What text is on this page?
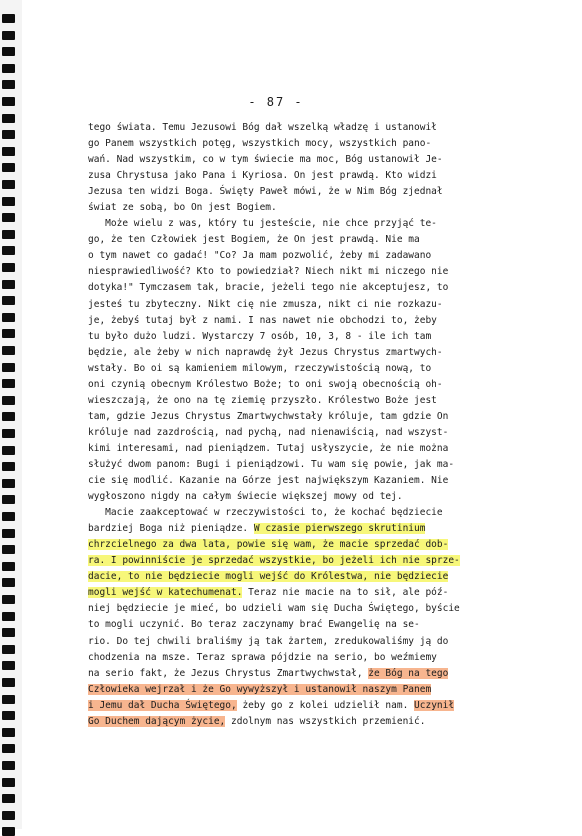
- 87 -
tego świata. Temu Jezusowi Bóg dał wszelką władzę i ustanowił
go Panem wszystkich potęg, wszystkich mocy, wszystkich pano-
wań. Nad wszystkim, co w tym świecie ma moc, Bóg ustanowił Je-
zusa Chrystusa jako Pana i Kyriosa. On jest prawdą. Kto widzi
Jezusa ten widzi Boga. Święty Paweł mówi, że w Nim Bóg zjednał
świat ze sobą, bo On jest Bogiem.
Może wielu z was, który tu jesteście, nie chce przyjąć te-
go, że ten Człowiek jest Bogiem, że On jest prawdą. Nie ma
o tym nawet co gadać! "Co? Ja mam pozwolić, żeby mi zadawano
niesprawiedliwość? Kto to powiedział? Niech nikt mi niczego nie
dotyka!" Tymczasem tak, bracie, jeżeli tego nie akceptujesz, to
jesteś tu zbyteczny. Nikt cię nie zmusza, nikt ci nie rozkazu-
je, żebyś tutaj był z nami. I nas nawet nie obchodzi to, żeby
tu było dużo ludzi. Wystarczy 7 osób, 10, 3, 8 - ile ich tam
będzie, ale żeby w nich naprawdę żył Jezus Chrystus zmartwych-
wstały. Bo oi są kamieniem milowym, rzeczywistością nową, to
oni czynią obecnym Królestwo Boże; to oni swoją obecnością oh-
wieszczają, że ono na tę ziemię przyszło. Królestwo Boże jest
tam, gdzie Jezus Chrystus Zmartwychwstały króluje, tam gdzie On
króluje nad zazdrością, nad pychą, nad nienawiścią, nad wszyst-
kimi interesami, nad pieniądzem. Tutaj usłyszycie, że nie można
służyć dwom panom: Bugi i pieniądzowi. Tu wam się powie, jak ma-
cie się modlić. Kazanie na Górze jest największym Kazaniem. Nie
wygłoszono nigdy na całym świecie większej mowy od tej.
Macie zaakceptować w rzeczywistości to, że kochać będziecie
bardziej Boga niż pieniądze. W czasie pierwszego skrutinium
chrzcielnego za dwa lata, powie się wam, że macie sprzedać dob-
ra. I powinniście je sprzedać wszystkie, bo jeżeli ich nie sprze-
dacie, to nie będziecie mogli wejść do Królestwa, nie będziecie
mogli wejść w katechumenat. Teraz nie macie na to sił, ale póź-
niej będziecie je mieć, bo udzieli wam się Ducha Świętego, byście
to mogli uczynić. Bo teraz zaczynamy brać Ewangelię na se-
rio. Do tej chwili braliśmy ją tak żartem, zredukowaliśmy ją do
chodzenia na msze. Teraz sprawa pójdzie na serio, bo weźmiemy
na serio fakt, że Jezus Chrystus Zmartwychwstał, że Bóg na tego
Człowieka wejrzał i że Go wywyższył i ustanowił naszym Panem
i Jemu dał Ducha Świętego, żeby go z kolei udzielił nam. Uczynił
Go Duchem dającym życie, zdolnym nas wszystkich przemienić.
